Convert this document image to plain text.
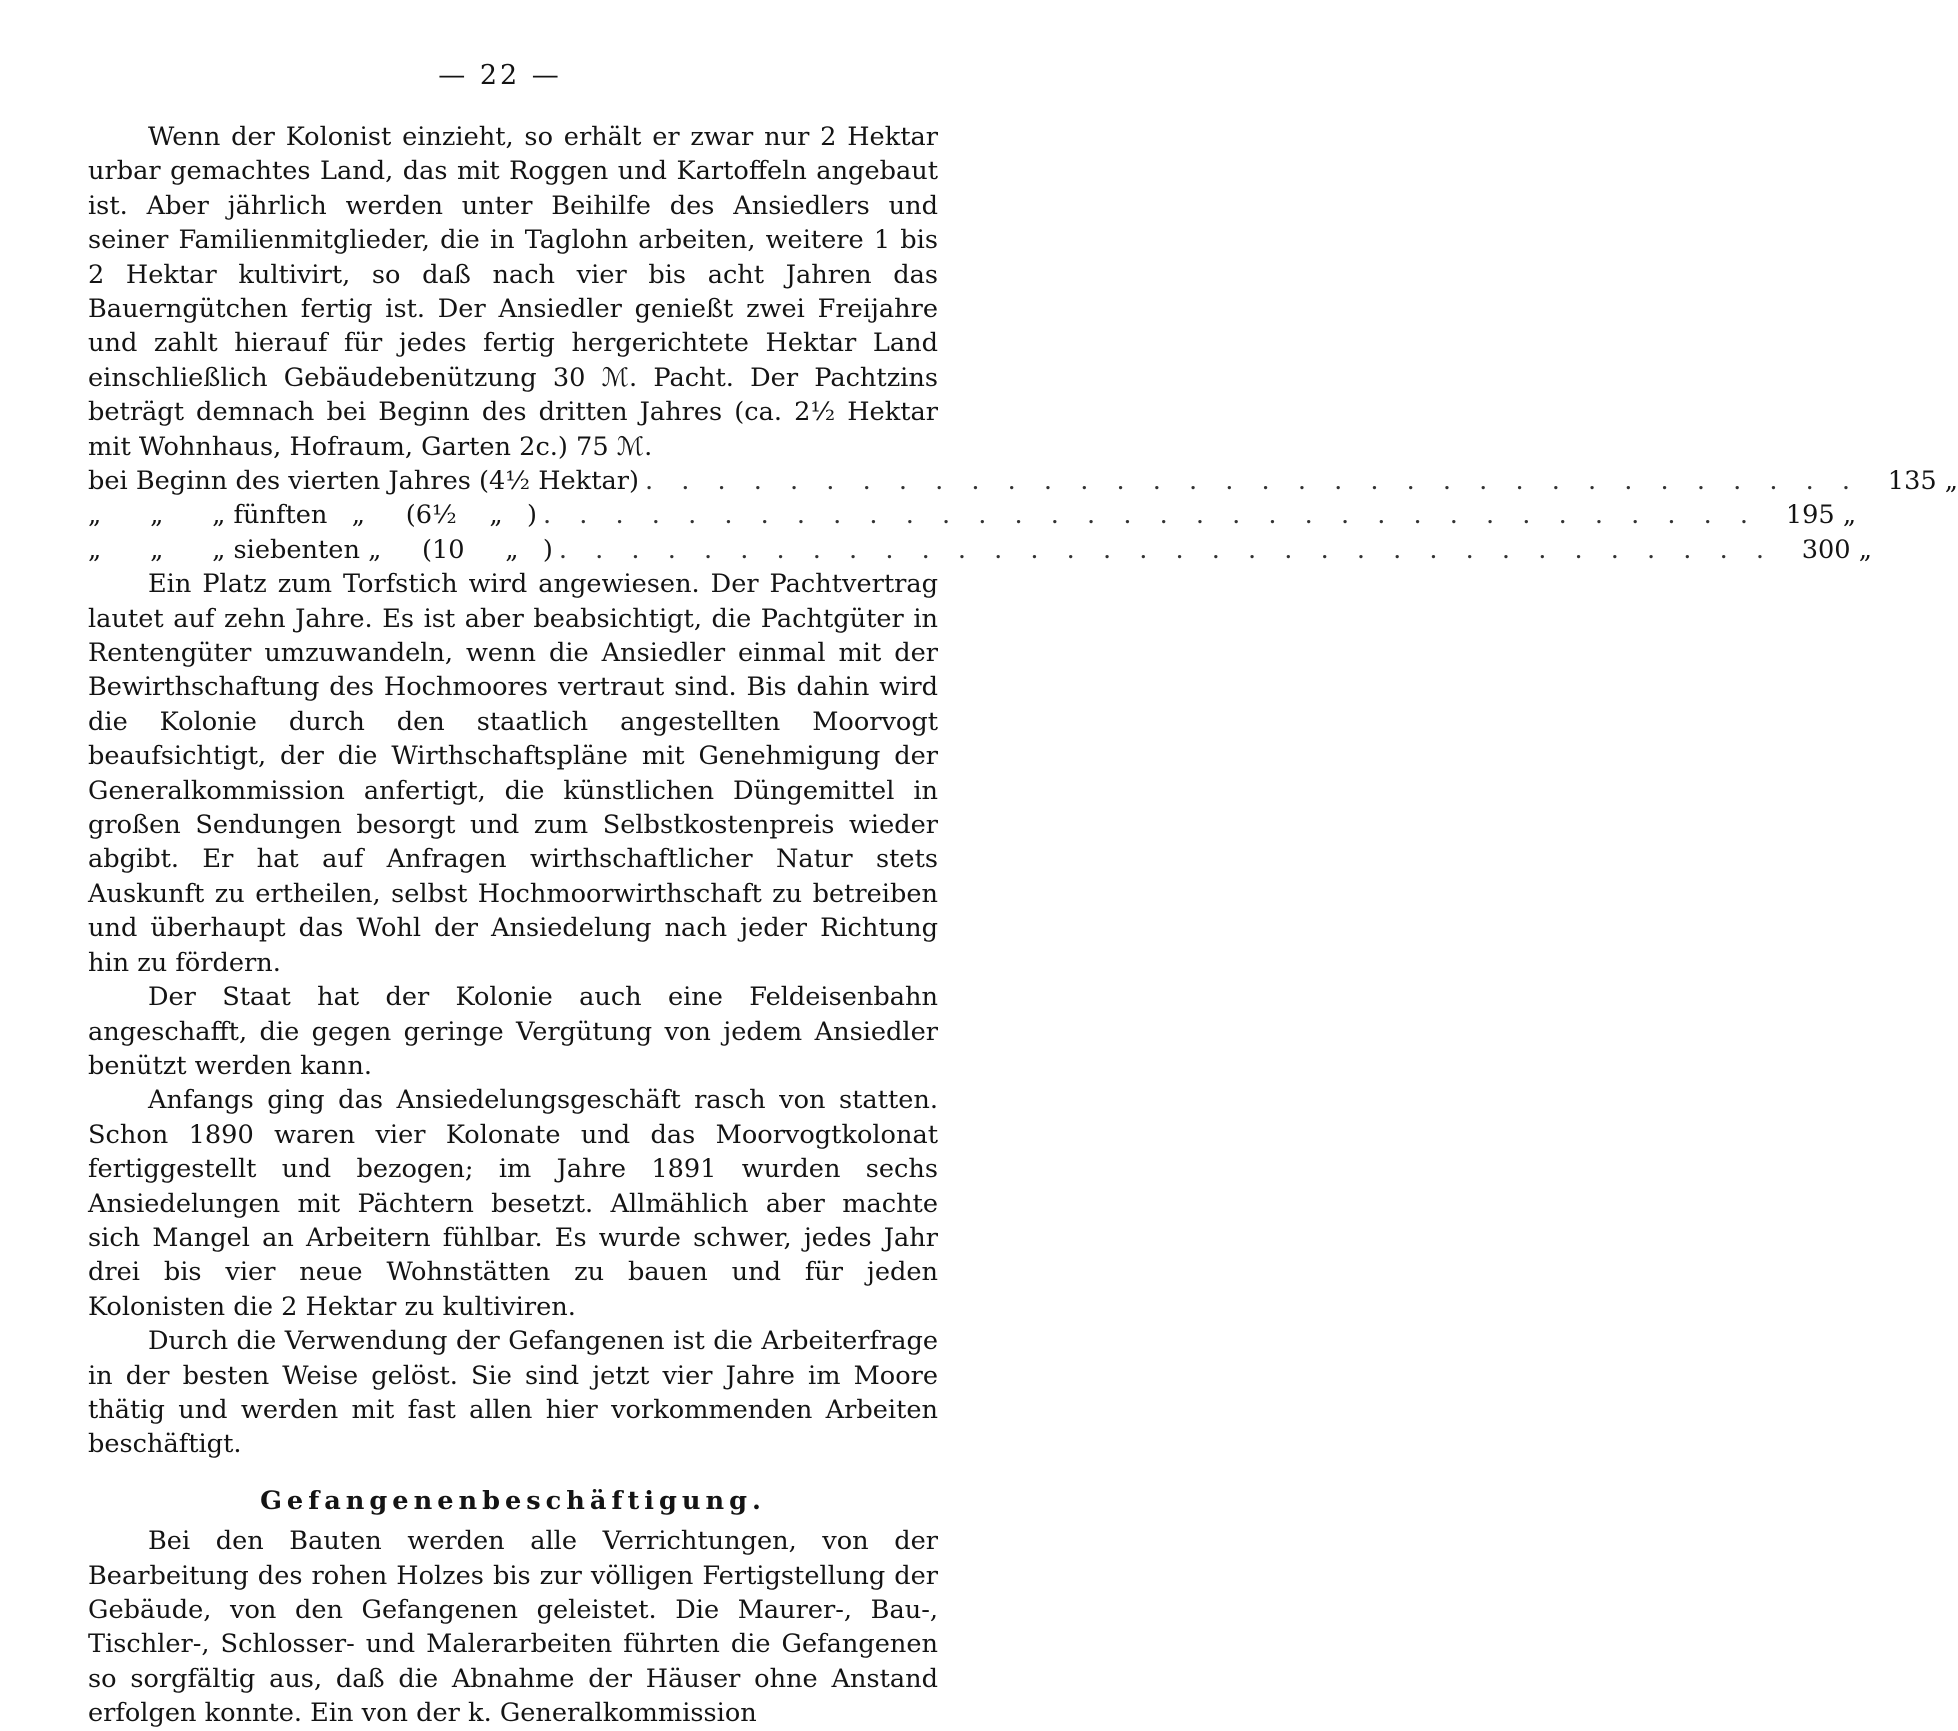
— 22 —

Wenn der Kolonist einzieht, so erhält er zwar nur 2 Hektar urbar gemachtes Land, das mit Roggen und Kartoffeln angebaut ist. Aber jährlich werden unter Beihilfe des Ansiedlers und seiner Familienmitglieder, die in Taglohn arbeiten, weitere 1 bis 2 Hektar kultivirt, so daß nach vier bis acht Jahren das Bauerngütchen fertig ist. Der Ansiedler genießt zwei Freijahre und zahlt hierauf für jedes fertig hergerichtete Hektar Land einschließlich Gebäudebenützung 30 ℳ. Pacht. Der Pachtzins beträgt demnach bei Beginn des dritten Jahres (ca. 2½ Hektar mit Wohnhaus, Hofraum, Garten 2c.) 75 ℳ.

bei Beginn des vierten Jahres (4½ Hektar) . . . . . . . . . . . . . . . . . . . . . . . . . . . . . . . . . .	135 „
„      „      „ fünften   „     (6½    „   ) . . . . . . . . . . . . . . . . . . . . . . . . . . . . . . . . . .	195 „
„      „      „ siebenten „     (10     „   ) . . . . . . . . . . . . . . . . . . . . . . . . . . . . . . . . . .	300 „

Ein Platz zum Torfstich wird angewiesen. Der Pachtvertrag lautet auf zehn Jahre. Es ist aber beabsichtigt, die Pachtgüter in Rentengüter umzuwandeln, wenn die Ansiedler einmal mit der Bewirthschaftung des Hochmoores vertraut sind. Bis dahin wird die Kolonie durch den staatlich angestellten Moorvogt beaufsichtigt, der die Wirthschaftspläne mit Genehmigung der Generalkommission anfertigt, die künstlichen Düngemittel in großen Sendungen besorgt und zum Selbstkostenpreis wieder abgibt. Er hat auf Anfragen wirthschaftlicher Natur stets Auskunft zu ertheilen, selbst Hochmoorwirthschaft zu betreiben und überhaupt das Wohl der Ansiedelung nach jeder Richtung hin zu fördern.

Der Staat hat der Kolonie auch eine Feldeisenbahn angeschafft, die gegen geringe Vergütung von jedem Ansiedler benützt werden kann.

Anfangs ging das Ansiedelungsgeschäft rasch von statten. Schon 1890 waren vier Kolonate und das Moorvogtkolonat fertiggestellt und bezogen; im Jahre 1891 wurden sechs Ansiedelungen mit Pächtern besetzt. Allmählich aber machte sich Mangel an Arbeitern fühlbar. Es wurde schwer, jedes Jahr drei bis vier neue Wohnstätten zu bauen und für jeden Kolonisten die 2 Hektar zu kultiviren.

Durch die Verwendung der Gefangenen ist die Arbeiterfrage in der besten Weise gelöst. Sie sind jetzt vier Jahre im Moore thätig und werden mit fast allen hier vorkommenden Arbeiten beschäftigt.

Gefangenenbeschäftigung.

Bei den Bauten werden alle Verrichtungen, von der Bearbeitung des rohen Holzes bis zur völligen Fertigstellung der Gebäude, von den Gefangenen geleistet. Die Maurer-, Bau-, Tischler-, Schlosser- und Malerarbeiten führten die Gefangenen so sorgfältig aus, daß die Abnahme der Häuser ohne Anstand erfolgen konnte. Ein von der k. Generalkommission
